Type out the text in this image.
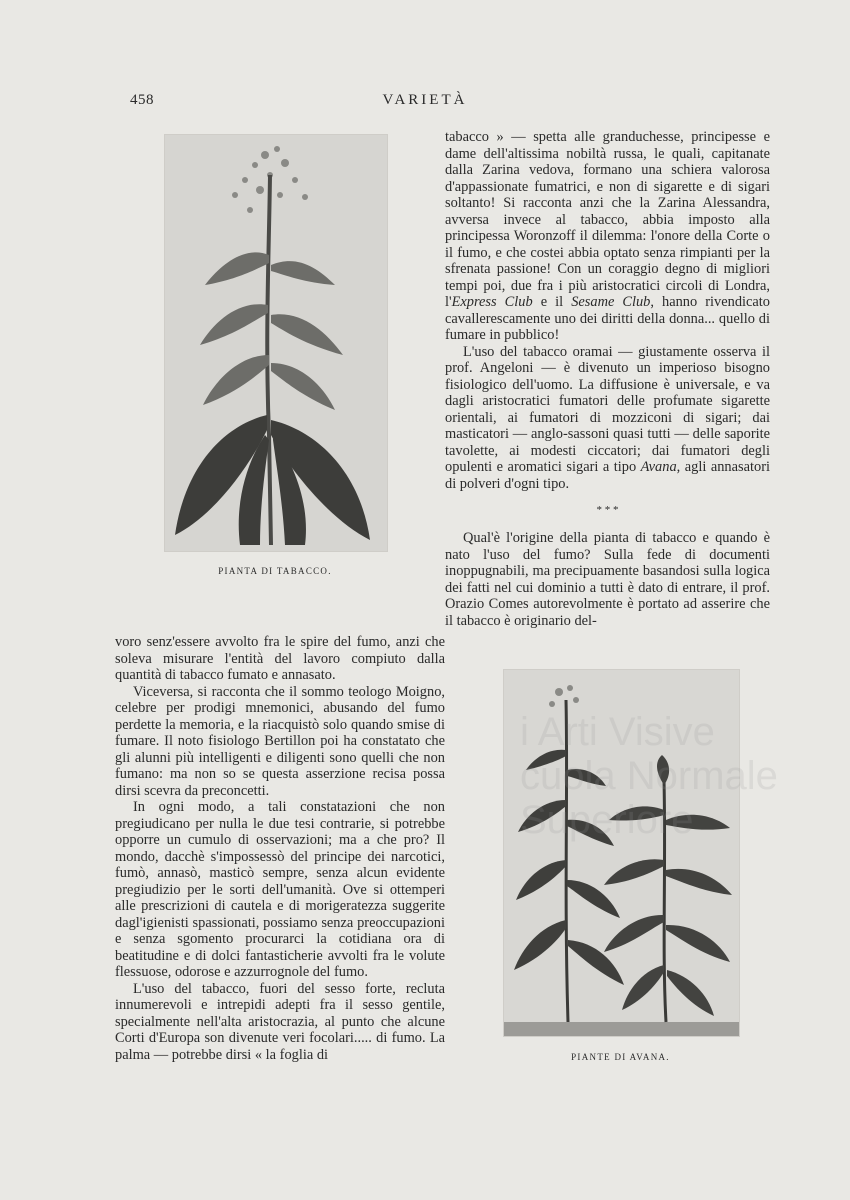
458	VARIETÀ
PIANTA DI TABACCO.
PIANTE DI AVANA.

tabacco » — spetta alle granduchesse, principesse e dame dell'altissima nobiltà russa, le quali, capitanate dalla Zarina vedova, formano una schiera valorosa d'appassionate fumatrici, e non di sigarette e di sigari soltanto! Si racconta anzi che la Zarina Alessandra, avversa invece al tabacco, abbia imposto alla principessa Woronzoff il dilemma: l'onore della Corte o il fumo, e che costei abbia optato senza rimpianti per la sfrenata passione! Con un coraggio degno di migliori tempi poi, due fra i più aristocratici circoli di Londra, l'Express Club e il Sesame Club, hanno rivendicato cavallerescamente uno dei diritti della donna... quello di fumare in pubblico!

L'uso del tabacco oramai — giustamente osserva il prof. Angeloni — è divenuto un imperioso bisogno fisiologico dell'uomo. La diffusione è universale, e va dagli aristocratici fumatori delle profumate sigarette orientali, ai fumatori di mozziconi di sigari; dai masticatori — anglo-sassoni quasi tutti — delle saporite tavolette, ai modesti ciccatori; dai fumatori degli opulenti e aromatici sigari a tipo Avana, agli annasatori di polveri d'ogni tipo.

* * *

Qual'è l'origine della pianta di tabacco e quando è nato l'uso del fumo? Sulla fede di documenti inoppugnabili, ma precipuamente basandosi sulla logica dei fatti nel cui dominio a tutti è dato di entrare, il prof. Orazio Comes autorevolmente è portato ad asserire che il tabacco è originario del-

voro senz'essere avvolto fra le spire del fumo, anzi che soleva misurare l'entità del lavoro compiuto dalla quantità di tabacco fumato e annasato.

Viceversa, si racconta che il sommo teologo Moigno, celebre per prodigi mnemonici, abusando del fumo perdette la memoria, e la riacquistò solo quando smise di fumare. Il noto fisiologo Bertillon poi ha constatato che gli alunni più intelligenti e diligenti sono quelli che non fumano: ma non so se questa asserzione recisa possa dirsi scevra da preconcetti.

In ogni modo, a tali constatazioni che non pregiudicano per nulla le due tesi contrarie, si potrebbe opporre un cumulo di osservazioni; ma a che pro? Il mondo, dacchè s'impossessò del principe dei narcotici, fumò, annasò, masticò sempre, senza alcun evidente pregiudizio per le sorti dell'umanità. Ove si ottemperi alle prescrizioni di cautela e di morigeratezza suggerite dagl'igienisti spassionati, possiamo senza preoccupazioni e senza sgomento procurarci la cotidiana ora di beatitudine e di dolci fantasticherie avvolti fra le volute flessuose, odorose e azzurrognole del fumo.

L'uso del tabacco, fuori del sesso forte, recluta innumerevoli e intrepidi adepti fra il sesso gentile, specialmente nell'alta aristocrazia, al punto che alcune Corti d'Europa son divenute veri focolari..... di fumo. La palma — potrebbe dirsi « la foglia di
